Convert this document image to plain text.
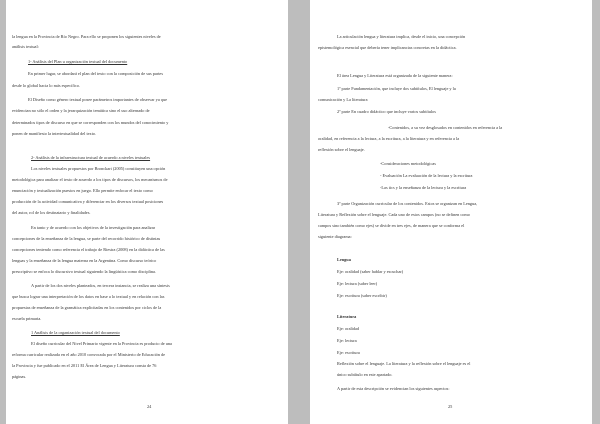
la lengua en la Provincia de Río Negro. Para ello se proponen los siguientes niveles de
análisis textual:
1- Análisis del Plan u organización textual del documento
En primer lugar, se abordará el plan del texto con la composición de sus partes
desde lo global hacia lo más específico.
El Diseño como género textual posee parámetros importantes de observar ya que
evidencian no sólo el orden y la jerarquización temática sino el uso alternado de
determinados tipos de discurso en que se corresponden con los mundos del conocimiento y
ponen de manifiesto la intertextualidad del texto.
2- Análisis de la infraestructura textual de acuerdo a niveles textuales
Los niveles textuales propuestos por Bronckart (2005) constituyen una opción
metodológica para analizar el texto de acuerdo a los tipos de discursos, los mecanismos de
enunciación y textualización puestos en juego. Ello permite enfocar el texto como
producción de la actividad comunicativa y diferenciar en los diversos textual posiciones
del autor, rol de los destinatario y finalidades.
En tanto y de acuerdo con los objetivos de la investigación para analizar
concepciones de la enseñanza de la lengua, se parte del recorrido histórico de distintas
concepciones teniendo como referencia el trabajo de Riestra (2008) en la didáctica de las
lenguas y la enseñanza de la lengua materna en la Argentina. Como discurso teórico
prescriptivo se enfoca lo discursivo textual siguiendo la lingüística como disciplina.
A partir de los dos niveles planteados, en tercera instancia, se realiza una síntesis
que busca lograr una interpretación de los datos en base a lo textual y en relación con las
propuestas de enseñanza de la gramática explicitadas en los contenidos por ciclos de la
escuela primaria.
1 Análisis de la organización textual del documento
El diseño curricular del Nivel Primario vigente en la Provincia es producto de una
reforma curricular realizada en el año 2010 convocada por el Ministerio de Educación de
la Provincia y fue publicado en el 2011 El Área de Lengua y Literatura consta de 76
páginas.
24
La articulación lengua y literatura implica, desde el inicio, una concepción
epistemológica esencial que debería tener implicancias concretas en la didáctica.
El área Lengua y Literatura está organizada de la siguiente manera:
1º parte Fundamentación, que incluye dos subtítulos, El lenguaje y la
comunicación y La literatura
2º parte En cuadro didáctico que incluye varios subtítulos
-Contenidos, a su vez desglosados en contenidos en referencia a la
oralidad, en referencia a la lectura, a la escritura, a la literatura y en referencia a la
reflexión sobre el lenguaje.
-Consideraciones metodológicas
- Evaluación La evaluación de la lectura y la escritura
-Las tics y la enseñanza de la lectura y la escritura
3º parte Organización curricular de los contenidos. Estos se organizan en Lengua,
Literatura y Reflexión sobre el lenguaje. Cada uno de estos campos (no se definen como
campos sino también como ejes) se divide en tres ejes, de manera que se conforma el
siguiente diagrama:
Lengua
Eje: oralidad (saber hablar y escuchar)
Eje: lectura (saber leer)
Eje: escritura (saber escribir)
Literatura
Eje: oralidad
Eje: lectura
Eje: escritura
Reflexión sobre el lenguaje. La literatura y la reflexión sobre el lenguaje es el
único subtítulo en este apartado.
A partir de esta descripción se evidencian los siguientes aspectos:
25
